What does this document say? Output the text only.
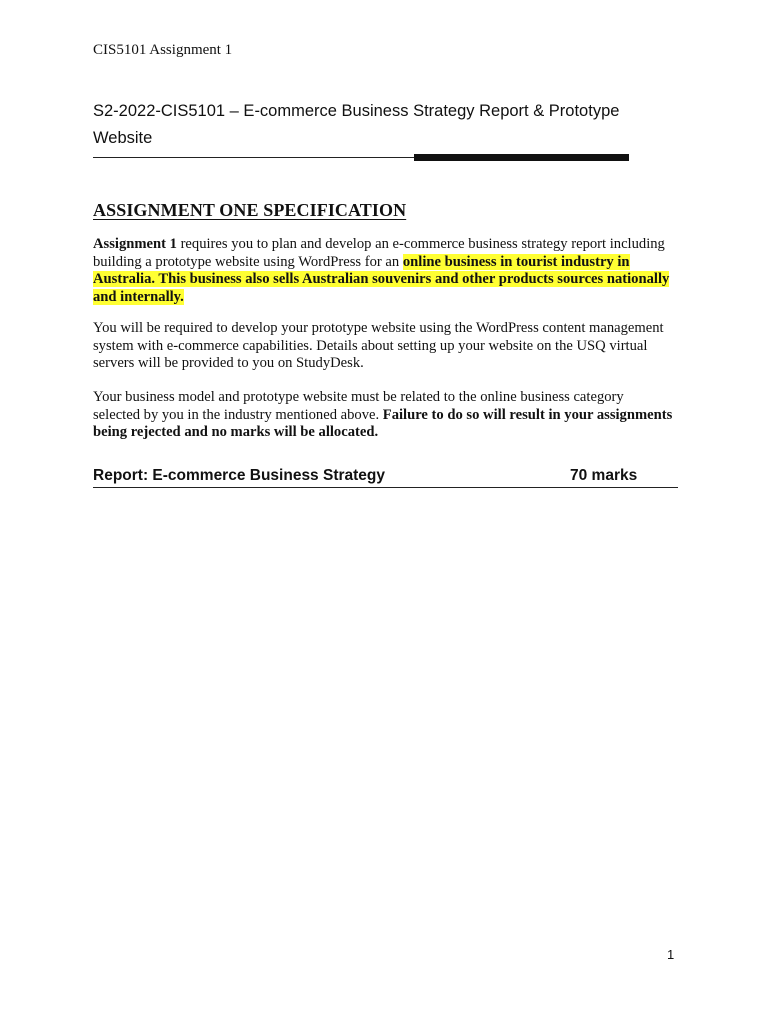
CIS5101 Assignment 1
S2-2022-CIS5101 – E-commerce Business Strategy Report & Prototype
Website
ASSIGNMENT ONE SPECIFICATION

Assignment 1 requires you to plan and develop an e-commerce business strategy report including building a prototype website using WordPress for an online business in tourist industry in Australia. This business also sells Australian souvenirs and other products sources nationally and internally.

You will be required to develop your prototype website using the WordPress content management system with e-commerce capabilities. Details about setting up your website on the USQ virtual servers will be provided to you on StudyDesk.

Your business model and prototype website must be related to the online business category selected by you in the industry mentioned above. Failure to do so will result in your assignments being rejected and no marks will be allocated.

Report: E-commerce Business Strategy	70 marks
1
